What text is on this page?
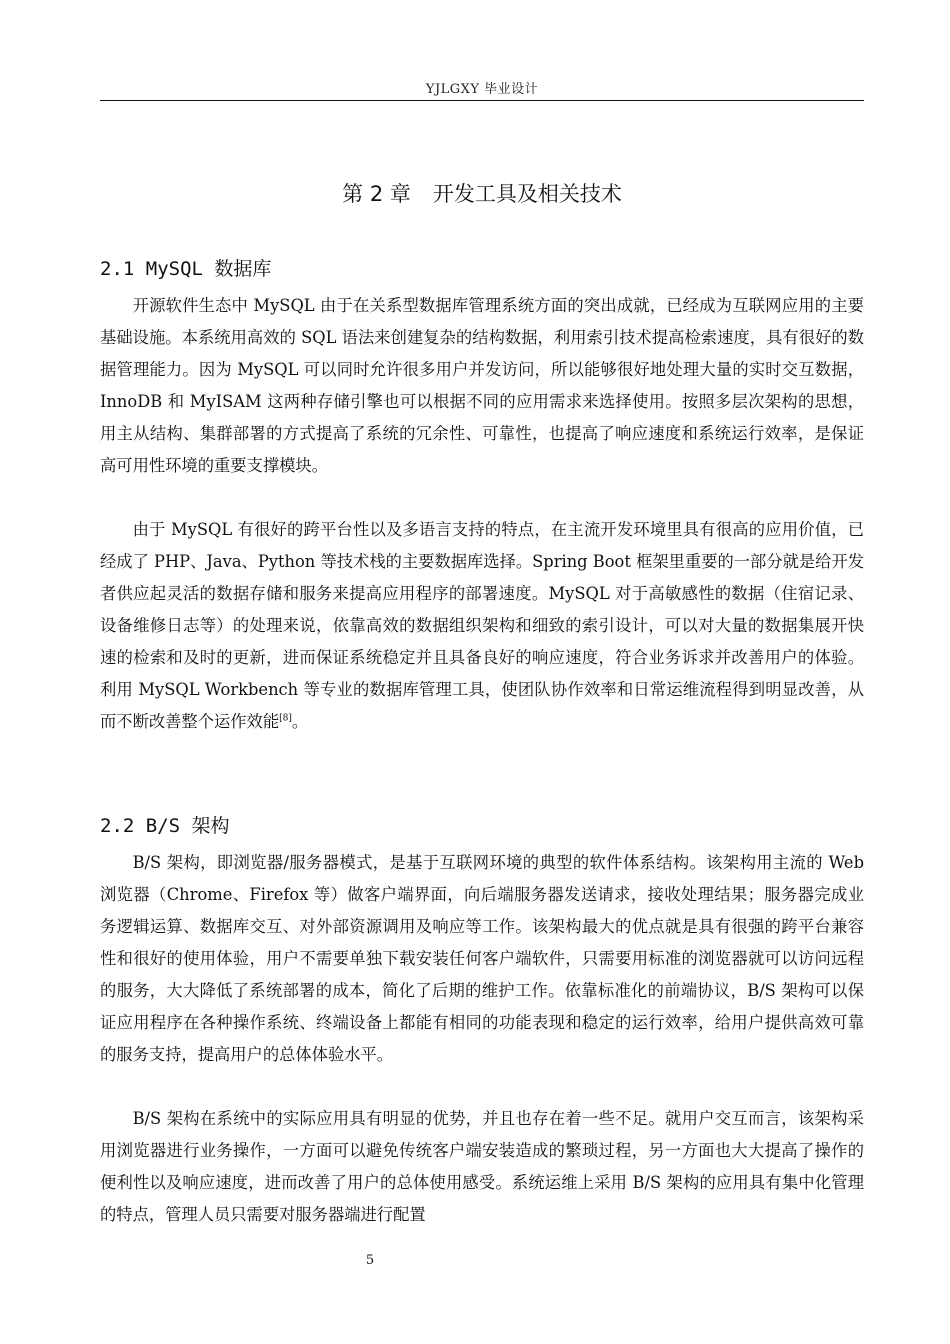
YJLGXY 毕业设计
第 2 章 开发工具及相关技术
2.1 MySQL 数据库

开源软件生态中 MySQL 由于在关系型数据库管理系统方面的突出成就，已经成为互联网应用的主要基础设施。本系统用高效的 SQL 语法来创建复杂的结构数据，利用索引技术提高检索速度，具有很好的数据管理能力。因为 MySQL 可以同时允许很多用户并发访问，所以能够很好地处理大量的实时交互数据，InnoDB 和 MyISAM 这两种存储引擎也可以根据不同的应用需求来选择使用。按照多层次架构的思想，用主从结构、集群部署的方式提高了系统的冗余性、可靠性，也提高了响应速度和系统运行效率，是保证高可用性环境的重要支撑模块。

由于 MySQL 有很好的跨平台性以及多语言支持的特点，在主流开发环境里具有很高的应用价值，已经成了 PHP、Java、Python 等技术栈的主要数据库选择。Spring Boot 框架里重要的一部分就是给开发者供应起灵活的数据存储和服务来提高应用程序的部署速度。MySQL 对于高敏感性的数据（住宿记录、设备维修日志等）的处理来说，依靠高效的数据组织架构和细致的索引设计，可以对大量的数据集展开快速的检索和及时的更新，进而保证系统稳定并且具备良好的响应速度，符合业务诉求并改善用户的体验。利用 MySQL Workbench 等专业的数据库管理工具，使团队协作效率和日常运维流程得到明显改善，从而不断改善整个运作效能[8]。

2.2 B/S 架构

B/S 架构，即浏览器/服务器模式，是基于互联网环境的典型的软件体系结构。该架构用主流的 Web 浏览器（Chrome、Firefox 等）做客户端界面，向后端服务器发送请求，接收处理结果；服务器完成业务逻辑运算、数据库交互、对外部资源调用及响应等工作。该架构最大的优点就是具有很强的跨平台兼容性和很好的使用体验，用户不需要单独下载安装任何客户端软件，只需要用标准的浏览器就可以访问远程的服务，大大降低了系统部署的成本，简化了后期的维护工作。依靠标准化的前端协议，B/S 架构可以保证应用程序在各种操作系统、终端设备上都能有相同的功能表现和稳定的运行效率，给用户提供高效可靠的服务支持，提高用户的总体体验水平。

B/S 架构在系统中的实际应用具有明显的优势，并且也存在着一些不足。就用户交互而言，该架构采用浏览器进行业务操作，一方面可以避免传统客户端安装造成的繁琐过程，另一方面也大大提高了操作的便利性以及响应速度，进而改善了用户的总体使用感受。系统运维上采用 B/S 架构的应用具有集中化管理的特点，管理人员只需要对服务器端进行配置

5
